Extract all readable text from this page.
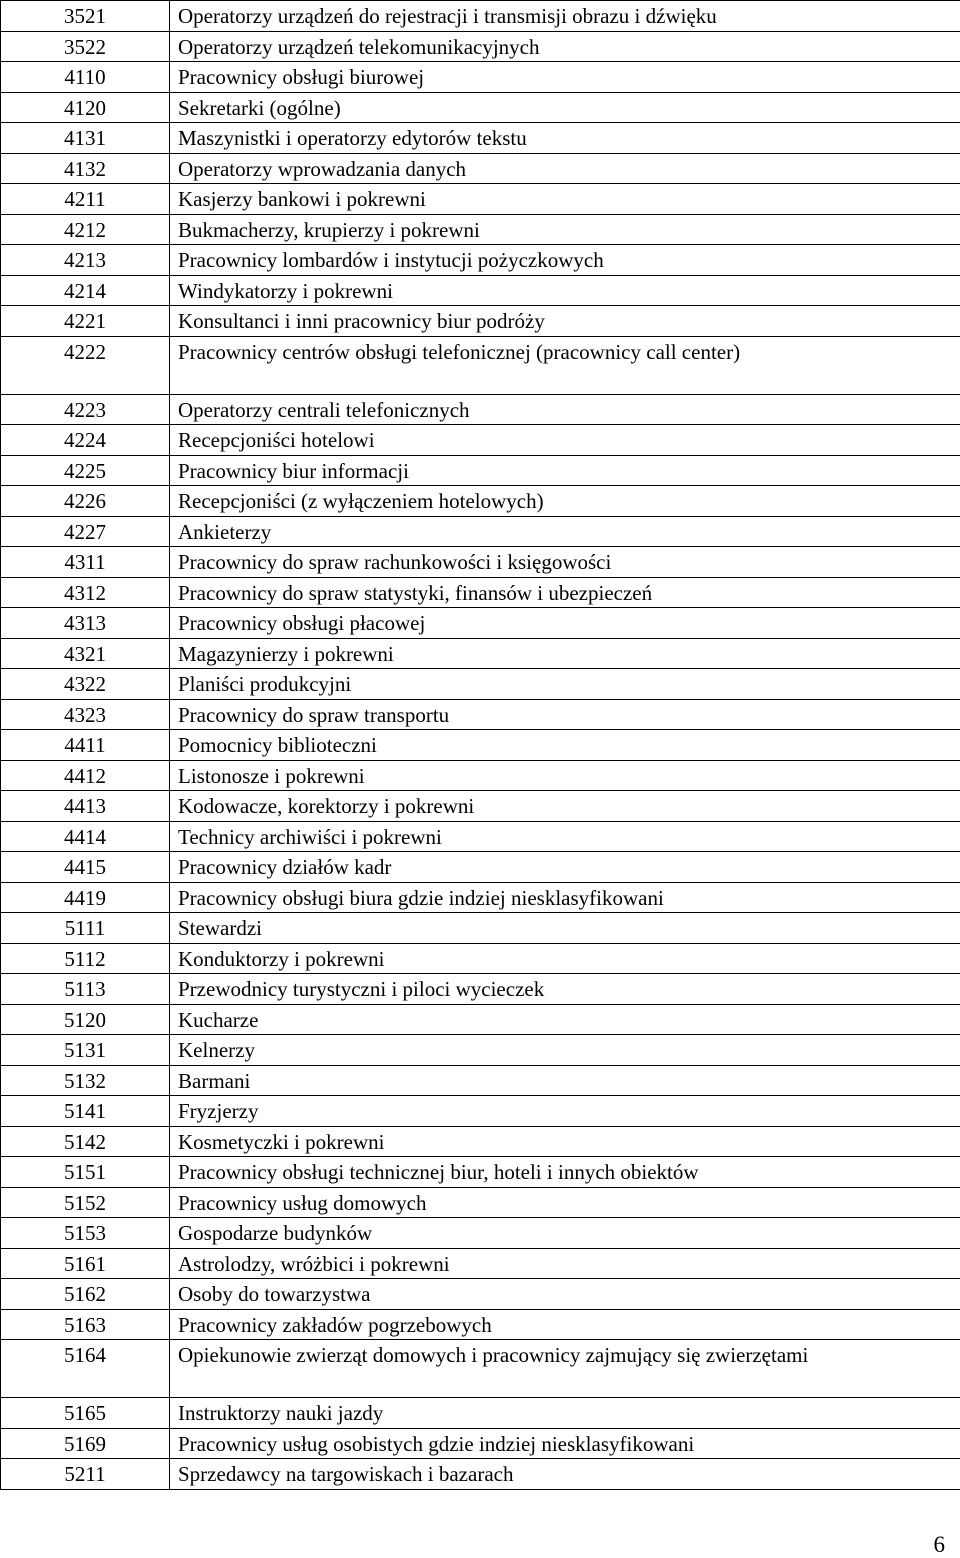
3521	Operatorzy urządzeń do rejestracji i transmisji obrazu i dźwięku
3522	Operatorzy urządzeń telekomunikacyjnych
4110	Pracownicy obsługi biurowej
4120	Sekretarki (ogólne)
4131	Maszynistki i operatorzy edytorów tekstu
4132	Operatorzy wprowadzania danych
4211	Kasjerzy bankowi i pokrewni
4212	Bukmacherzy, krupierzy i pokrewni
4213	Pracownicy lombardów i instytucji pożyczkowych
4214	Windykatorzy i pokrewni
4221	Konsultanci i inni pracownicy biur podróży
4222	Pracownicy centrów obsługi telefonicznej (pracownicy call center)
4223	Operatorzy centrali telefonicznych
4224	Recepcjoniści hotelowi
4225	Pracownicy biur informacji
4226	Recepcjoniści (z wyłączeniem hotelowych)
4227	Ankieterzy
4311	Pracownicy do spraw rachunkowości i księgowości
4312	Pracownicy do spraw statystyki, finansów i ubezpieczeń
4313	Pracownicy obsługi płacowej
4321	Magazynierzy i pokrewni
4322	Planiści produkcyjni
4323	Pracownicy do spraw transportu
4411	Pomocnicy biblioteczni
4412	Listonosze i pokrewni
4413	Kodowacze, korektorzy i pokrewni
4414	Technicy archiwiści i pokrewni
4415	Pracownicy działów kadr
4419	Pracownicy obsługi biura gdzie indziej niesklasyfikowani
5111	Stewardzi
5112	Konduktorzy i pokrewni
5113	Przewodnicy turystyczni i piloci wycieczek
5120	Kucharze
5131	Kelnerzy
5132	Barmani
5141	Fryzjerzy
5142	Kosmetyczki i pokrewni
5151	Pracownicy obsługi technicznej biur, hoteli i innych obiektów
5152	Pracownicy usług domowych
5153	Gospodarze budynków
5161	Astrolodzy, wróżbici i pokrewni
5162	Osoby do towarzystwa
5163	Pracownicy zakładów pogrzebowych
5164	Opiekunowie zwierząt domowych i pracownicy zajmujący się zwierzętami
5165	Instruktorzy nauki jazdy
5169	Pracownicy usług osobistych gdzie indziej niesklasyfikowani
5211	Sprzedawcy na targowiskach i bazarach
6
